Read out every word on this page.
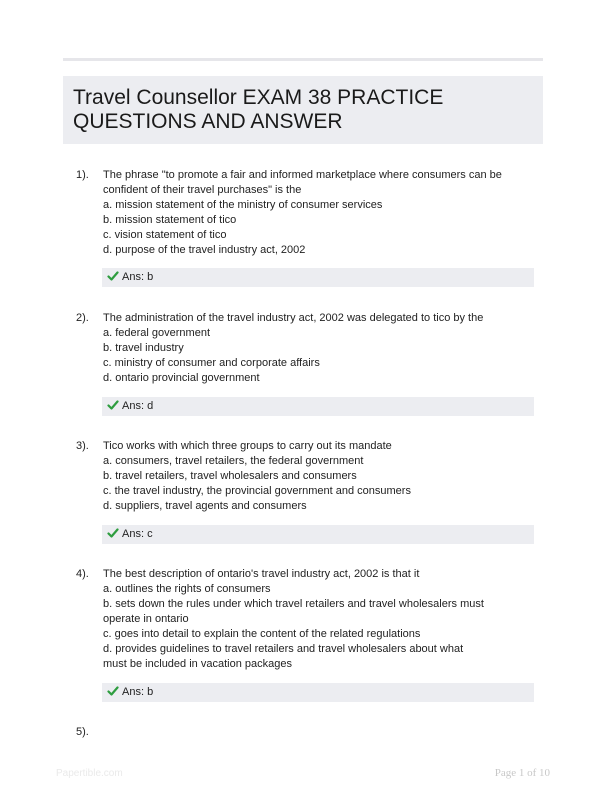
Travel Counsellor EXAM 38 PRACTICE
QUESTIONS AND ANSWER
1). The phrase "to promote a fair and informed marketplace where consumers can be
confident of their travel purchases" is the
a. mission statement of the ministry of consumer services
b. mission statement of tico
c. vision statement of tico
d. purpose of the travel industry act, 2002
Ans: b
2). The administration of the travel industry act, 2002 was delegated to tico by the
a. federal government
b. travel industry
c. ministry of consumer and corporate affairs
d. ontario provincial government
Ans: d
3). Tico works with which three groups to carry out its mandate
a. consumers, travel retailers, the federal government
b. travel retailers, travel wholesalers and consumers
c. the travel industry, the provincial government and consumers
d. suppliers, travel agents and consumers
Ans: c
4). The best description of ontario's travel industry act, 2002 is that it
a. outlines the rights of consumers
b. sets down the rules under which travel retailers and travel wholesalers must
operate in ontario
c. goes into detail to explain the content of the related regulations
d. provides guidelines to travel retailers and travel wholesalers about what
must be included in vacation packages
Ans: b
5).
Papertible.com	Page 1 of 10
